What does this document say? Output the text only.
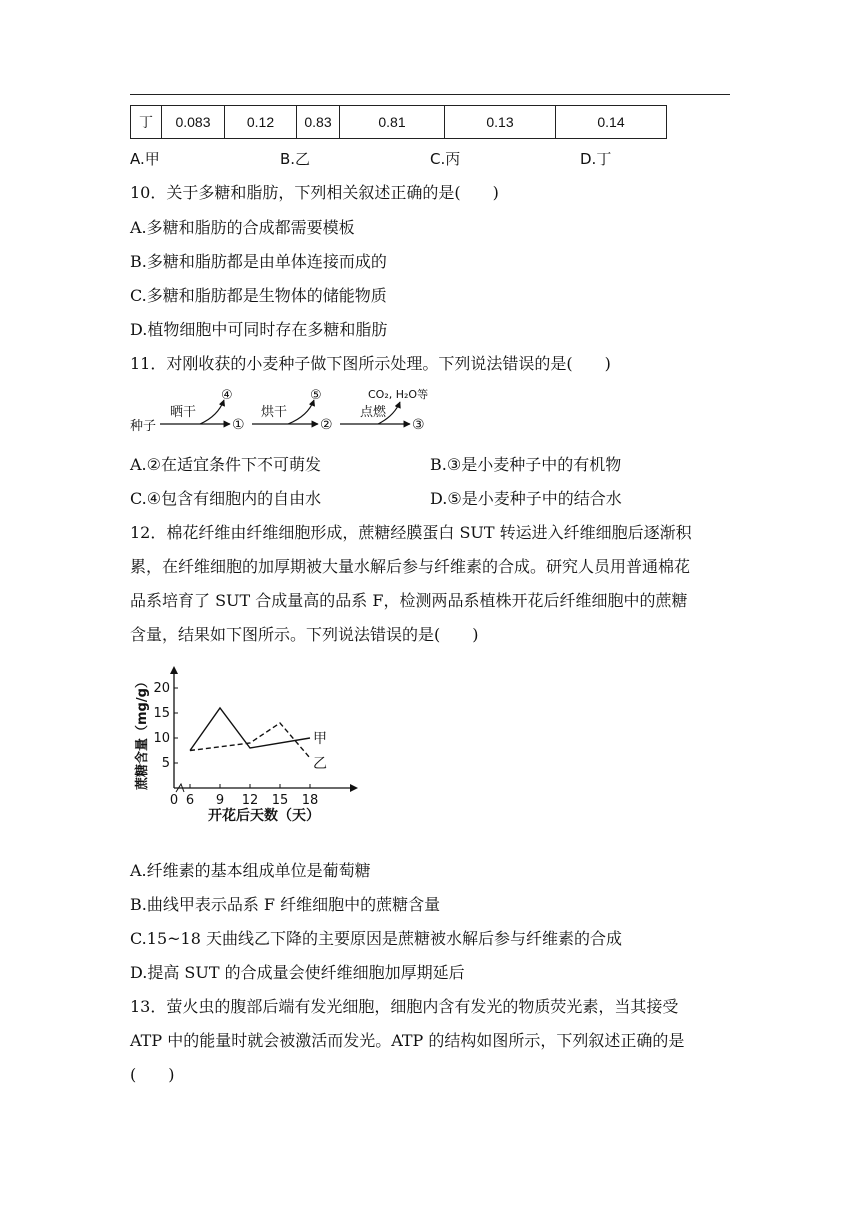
丁	0.083	0.12	0.83	0.81	0.13	0.14
A.甲	B.乙	C.丙	D.丁
10．关于多糖和脂肪，下列相关叙述正确的是(　　)
A.多糖和脂肪的合成都需要模板
B.多糖和脂肪都是由单体连接而成的
C.多糖和脂肪都是生物体的储能物质
D.植物细胞中可同时存在多糖和脂肪
11．对刚收获的小麦种子做下图所示处理。下列说法错误的是(　　)
种子
晒干	烘干	点燃
①	②	③
④	⑤	CO₂, H₂O等
A.②在适宜条件下不可萌发	B.③是小麦种子中的有机物
C.④包含有细胞内的自由水	D.⑤是小麦种子中的结合水
12．棉花纤维由纤维细胞形成，蔗糖经膜蛋白 SUT 转运进入纤维细胞后逐渐积
累，在纤维细胞的加厚期被大量水解后参与纤维素的合成。研究人员用普通棉花
品系培育了 SUT 合成量高的品系 F，检测两品系植株开花后纤维细胞中的蔗糖
含量，结果如下图所示。下列说法错误的是(　　)
蔗糖含量（mg/g）
开花后天数（天）
0 6 9 12 15 18
5
10
15
20
甲
乙
A.纤维素的基本组成单位是葡萄糖
B.曲线甲表示品系 F 纤维细胞中的蔗糖含量
C.15~18 天曲线乙下降的主要原因是蔗糖被水解后参与纤维素的合成
D.提高 SUT 的合成量会使纤维细胞加厚期延后
13．萤火虫的腹部后端有发光细胞，细胞内含有发光的物质荧光素，当其接受
ATP 中的能量时就会被激活而发光。ATP 的结构如图所示，下列叙述正确的是
(　　)
